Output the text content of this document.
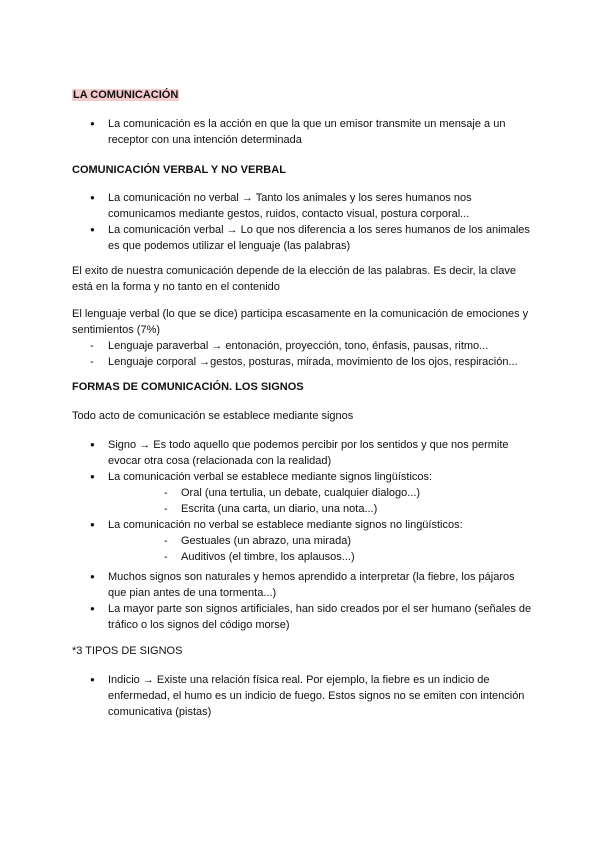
LA COMUNICACIÓN
● La comunicación es la acción en que la que un emisor transmite un mensaje a un receptor con una intención determinada
COMUNICACIÓN VERBAL Y NO VERBAL
● La comunicación no verbal → Tanto los animales y los seres humanos nos comunicamos mediante gestos, ruidos, contacto visual, postura corporal...
● La comunicación verbal → Lo que nos diferencia a los seres humanos de los animales es que podemos utilizar el lenguaje (las palabras)
El exito de nuestra comunicación depende de la elección de las palabras. Es decir, la clave está en la forma y no tanto en el contenido

El lenguaje verbal (lo que se dice) participa escasamente en la comunicación de emociones y sentimientos (7%)

- Lenguaje paraverbal → entonación, proyección, tono, énfasis, pausas, ritmo...
- Lenguaje corporal →gestos, posturas, mirada, movimiento de los ojos, respiración...
FORMAS DE COMUNICACIÓN. LOS SIGNOS
Todo acto de comunicación se establece mediante signos
● Signo → Es todo aquello que podemos percibir por los sentidos y que nos permite evocar otra cosa (relacionada con la realidad)
● La comunicación verbal se establece mediante signos lingüísticos:
- Oral (una tertulia, un debate, cualquier dialogo...)
- Escrita (una carta, un diario, una nota...)
● La comunicación no verbal se establece mediante signos no lingüísticos:
- Gestuales (un abrazo, una mirada)
- Auditivos (el timbre, los aplausos...)
● Muchos signos son naturales y hemos aprendido a interpretar (la fiebre, los pájaros que pian antes de una tormenta...)
● La mayor parte son signos artificiales, han sido creados por el ser humano (señales de tráfico o los signos del código morse)
*3 TIPOS DE SIGNOS
● Indicio → Existe una relación física real. Por ejemplo, la fiebre es un indicio de enfermedad, el humo es un indicio de fuego. Estos signos no se emiten con intención comunicativa (pistas)
